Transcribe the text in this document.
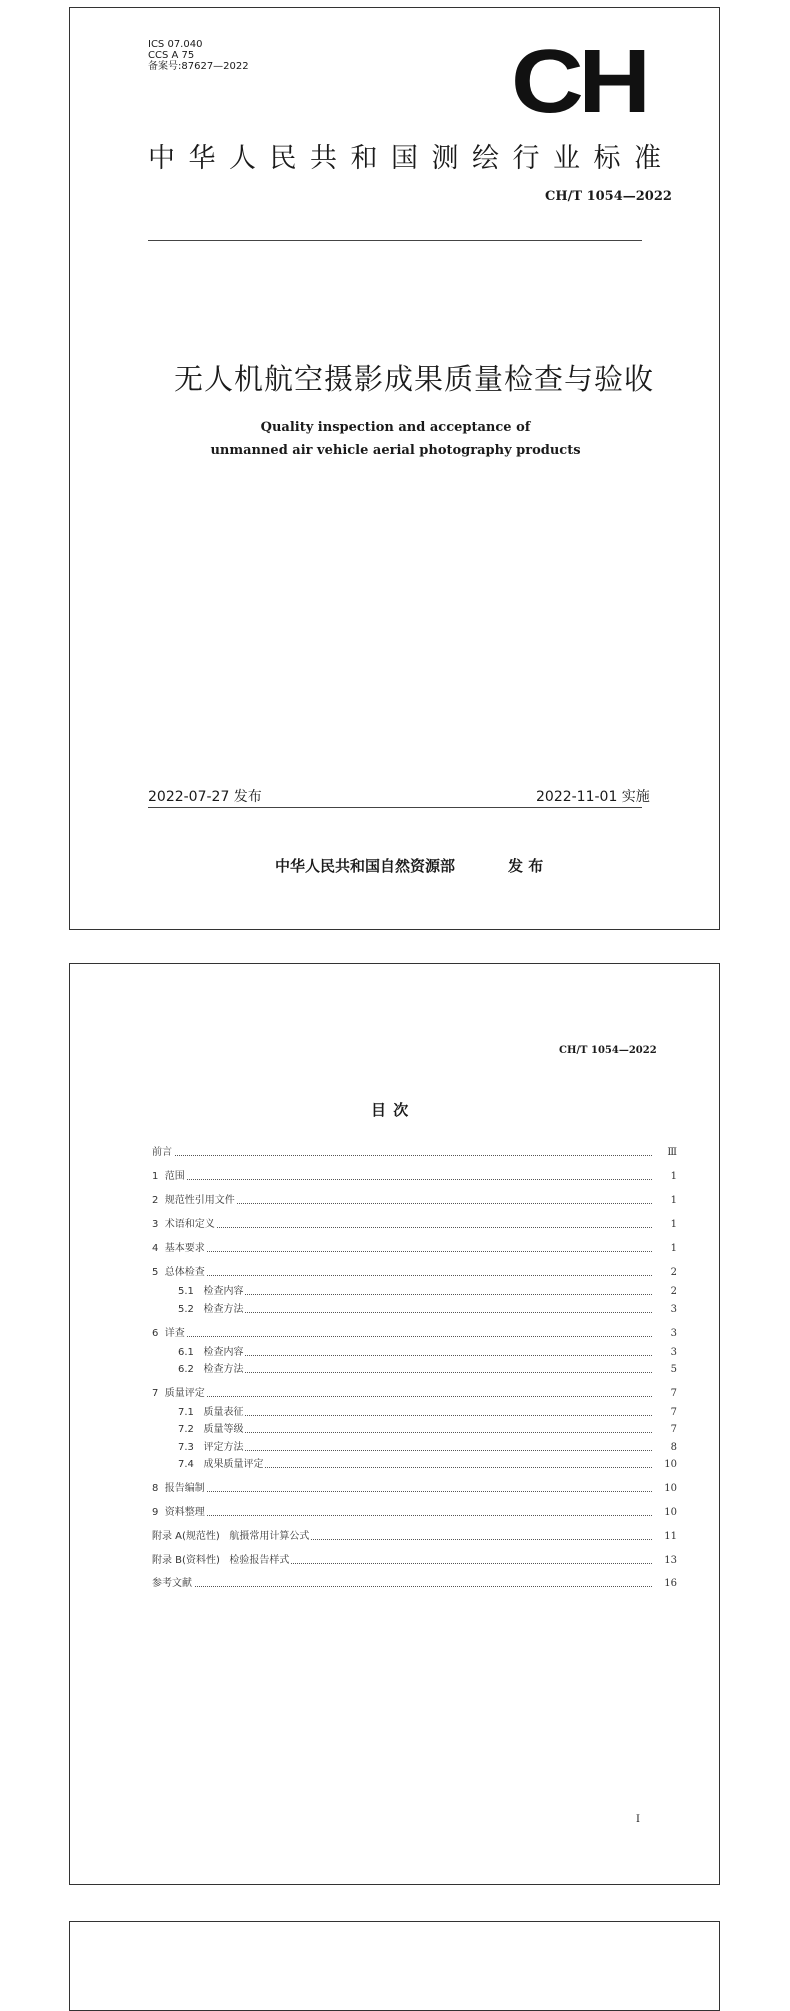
ICS 07.040
CCS A 75
备案号:87627—2022	CH
中华人民共和国测绘行业标准
CH/T 1054—2022
无人机航空摄影成果质量检查与验收
Quality inspection and acceptance of
unmanned air vehicle aerial photography products
2022-07-27 发布	2022-11-01 实施
中华人民共和国自然资源部	发 布
CH/T 1054—2022
目 次
前言	Ⅲ
1  范围	1
2  规范性引用文件	1
3  术语和定义	1
4  基本要求	1
5  总体检查	2
5.1   检查内容	2
5.2   检查方法	3
6  详查	3
6.1   检查内容	3
6.2   检查方法	5
7  质量评定	7
7.1   质量表征	7
7.2   质量等级	7
7.3   评定方法	8
7.4   成果质量评定	10
8  报告编制	10
9  资料整理	10
附录 A(规范性)   航摄常用计算公式	11
附录 B(资料性)   检验报告样式	13
参考文献	16
I
